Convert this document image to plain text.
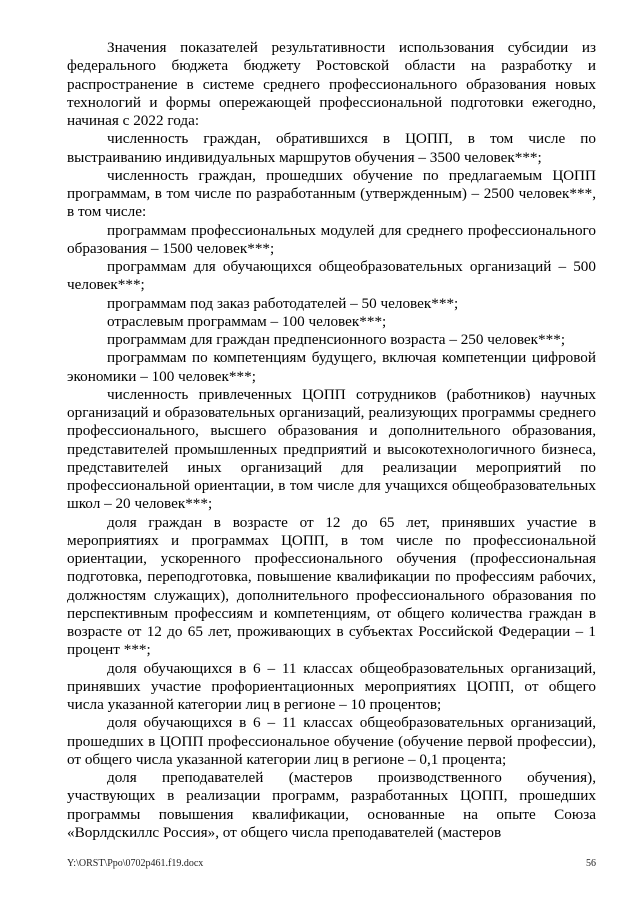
Значения показателей результативности использования субсидии из федерального бюджета бюджету Ростовской области на разработку и распространение в системе среднего профессионального образования новых технологий и формы опережающей профессиональной подготовки ежегодно, начиная с 2022 года:

численность граждан, обратившихся в ЦОПП, в том числе по выстраиванию индивидуальных маршрутов обучения – 3500 человек***;

численность граждан, прошедших обучение по предлагаемым ЦОПП программам, в том числе по разработанным (утвержденным) – 2500 человек***, в том числе:

программам профессиональных модулей для среднего профессионального образования – 1500 человек***;

программам для обучающихся общеобразовательных организаций – 500 человек***;

программам под заказ работодателей – 50 человек***;

отраслевым программам – 100 человек***;

программам для граждан предпенсионного возраста – 250 человек***;

программам по компетенциям будущего, включая компетенции цифровой экономики – 100 человек***;

численность привлеченных ЦОПП сотрудников (работников) научных организаций и образовательных организаций, реализующих программы среднего профессионального, высшего образования и дополнительного образования, представителей промышленных предприятий и высокотехнологичного бизнеса, представителей иных организаций для реализации мероприятий по профессиональной ориентации, в том числе для учащихся общеобразовательных школ – 20 человек***;

доля граждан в возрасте от 12 до 65 лет, принявших участие в мероприятиях и программах ЦОПП, в том числе по профессиональной ориентации, ускоренного профессионального обучения (профессиональная подготовка, переподготовка, повышение квалификации по профессиям рабочих, должностям служащих), дополнительного профессионального образования по перспективным профессиям и компетенциям, от общего количества граждан в возрасте от 12 до 65 лет, проживающих в субъектах Российской Федерации – 1 процент ***;

доля обучающихся в 6 – 11 классах общеобразовательных организаций, принявших участие профориентационных мероприятиях ЦОПП, от общего числа указанной категории лиц в регионе – 10 процентов;

доля обучающихся в 6 – 11 классах общеобразовательных организаций, прошедших в ЦОПП профессиональное обучение (обучение первой профессии), от общего числа указанной категории лиц в регионе – 0,1 процента;

доля преподавателей (мастеров производственного обучения), участвующих в реализации программ, разработанных ЦОПП, прошедших программы повышения квалификации, основанные на опыте Союза «Ворлдскиллс Россия», от общего числа преподавателей (мастеров

Y:\ORST\Ppo\0702p461.f19.docx	56
